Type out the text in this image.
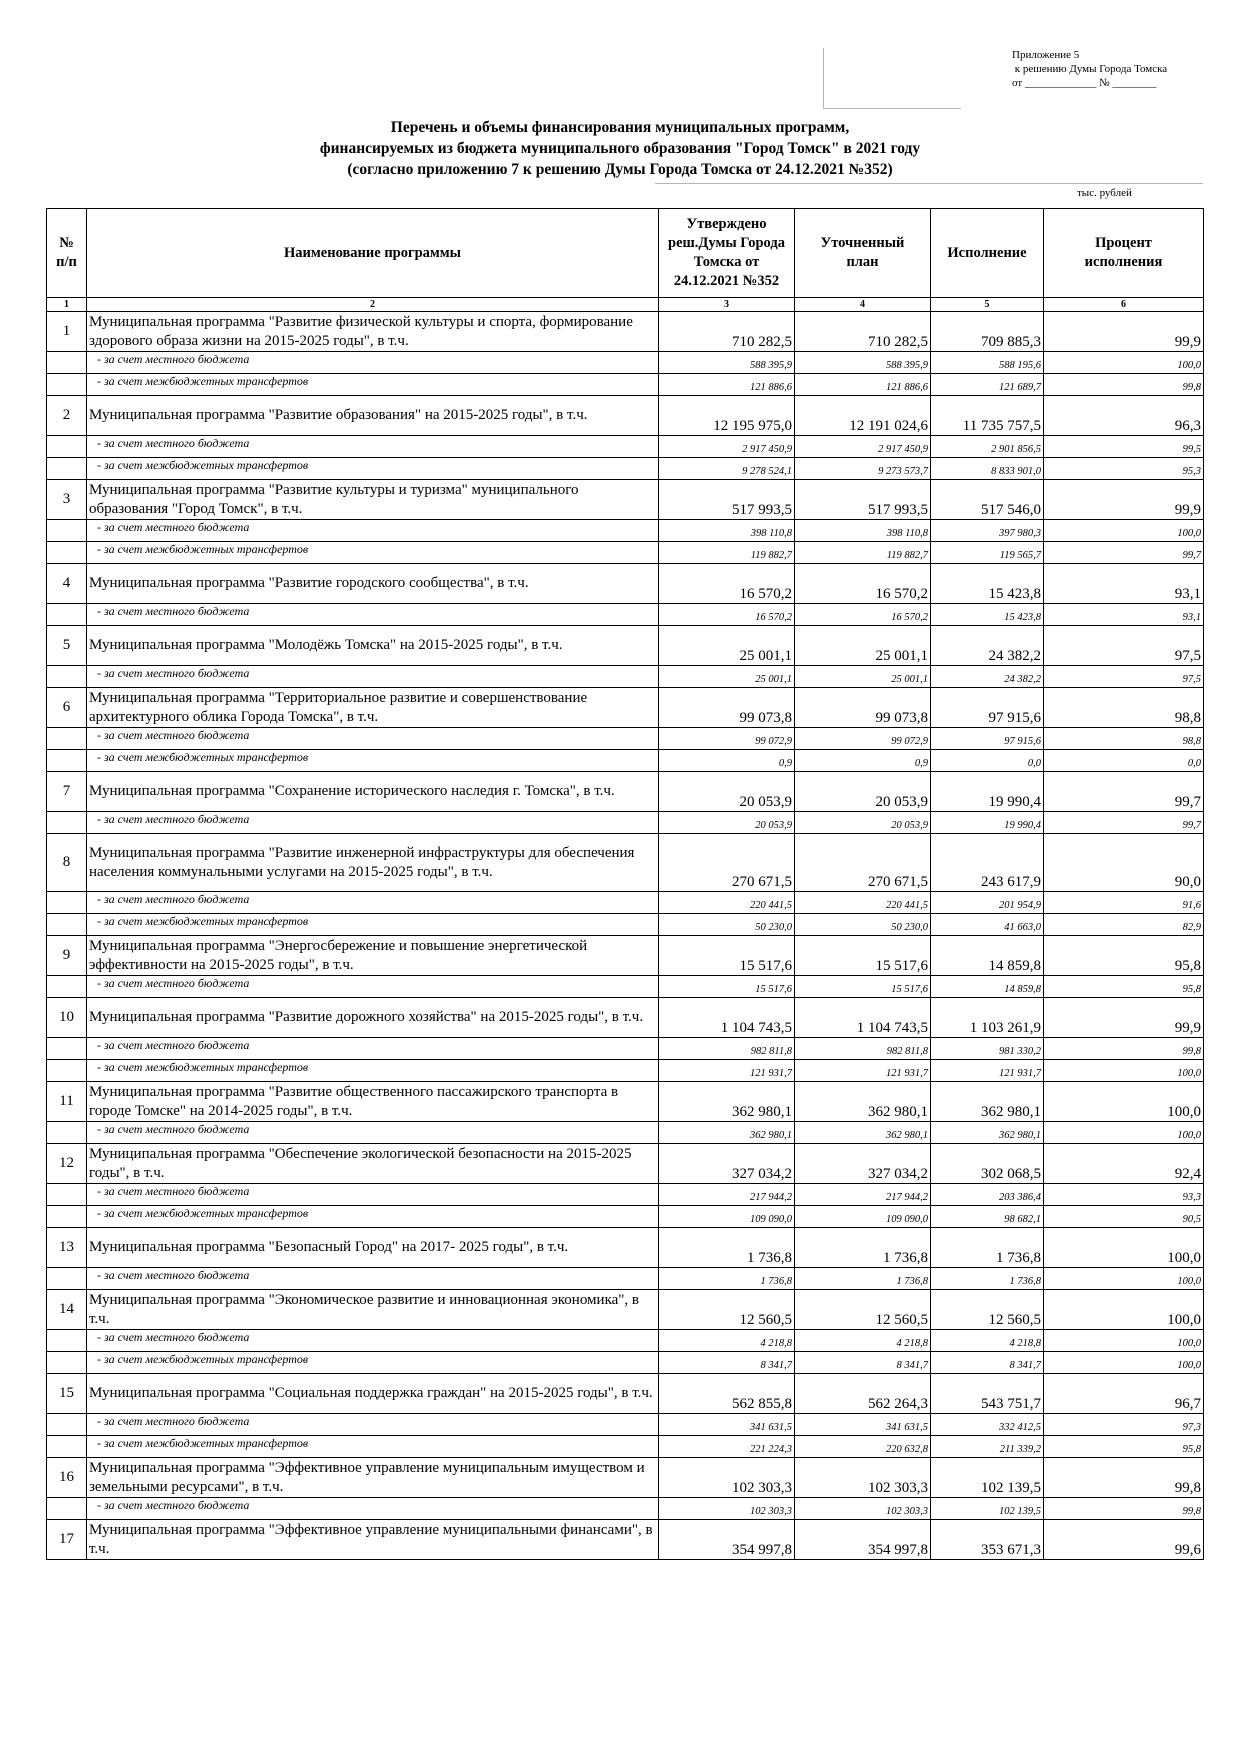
Приложение 5
к решению Думы Города Томска
от _____________ № ________
Перечень и объемы финансирования муниципальных программ,
финансируемых из бюджета муниципального образования "Город Томск" в 2021 году
(согласно приложению 7 к решению Думы Города Томска от 24.12.2021 №352)
тыс. рублей
№
п/п	Наименование программы	Утверждено
реш.Думы Города
Томска от
24.12.2021 №352	Уточненный
план	Исполнение	Процент
исполнения
1	2	3	4	5	6
1	Муниципальная программа "Развитие физической культуры и спорта, формирование здорового образа жизни на 2015-2025 годы", в т.ч.	710 282,5	710 282,5	709 885,3	99,9
	- за счет местного бюджета	588 395,9	588 395,9	588 195,6	100,0
	- за счет межбюджетных трансфертов	121 886,6	121 886,6	121 689,7	99,8
2	Муниципальная программа "Развитие образования" на 2015-2025 годы", в т.ч.	12 195 975,0	12 191 024,6	11 735 757,5	96,3
	- за счет местного бюджета	2 917 450,9	2 917 450,9	2 901 856,5	99,5
	- за счет межбюджетных трансфертов	9 278 524,1	9 273 573,7	8 833 901,0	95,3
3	Муниципальная программа "Развитие культуры и туризма" муниципального образования "Город Томск", в т.ч.	517 993,5	517 993,5	517 546,0	99,9
	- за счет местного бюджета	398 110,8	398 110,8	397 980,3	100,0
	- за счет межбюджетных трансфертов	119 882,7	119 882,7	119 565,7	99,7
4	Муниципальная программа "Развитие городского сообщества", в т.ч.	16 570,2	16 570,2	15 423,8	93,1
	- за счет местного бюджета	16 570,2	16 570,2	15 423,8	93,1
5	Муниципальная программа "Молодёжь Томска" на 2015-2025 годы", в т.ч.	25 001,1	25 001,1	24 382,2	97,5
	- за счет местного бюджета	25 001,1	25 001,1	24 382,2	97,5
6	Муниципальная программа "Территориальное развитие и совершенствование архитектурного облика Города Томска", в т.ч.	99 073,8	99 073,8	97 915,6	98,8
	- за счет местного бюджета	99 072,9	99 072,9	97 915,6	98,8
	- за счет межбюджетных трансфертов	0,9	0,9	0,0	0,0
7	Муниципальная программа "Сохранение исторического наследия г. Томска", в т.ч.	20 053,9	20 053,9	19 990,4	99,7
	- за счет местного бюджета	20 053,9	20 053,9	19 990,4	99,7
8	Муниципальная программа "Развитие инженерной инфраструктуры для обеспечения населения коммунальными услугами на 2015-2025 годы", в т.ч.	270 671,5	270 671,5	243 617,9	90,0
	- за счет местного бюджета	220 441,5	220 441,5	201 954,9	91,6
	- за счет межбюджетных трансфертов	50 230,0	50 230,0	41 663,0	82,9
9	Муниципальная программа "Энергосбережение и повышение энергетической эффективности на 2015-2025 годы", в т.ч.	15 517,6	15 517,6	14 859,8	95,8
	- за счет местного бюджета	15 517,6	15 517,6	14 859,8	95,8
10	Муниципальная программа "Развитие дорожного хозяйства" на 2015-2025 годы", в т.ч.	1 104 743,5	1 104 743,5	1 103 261,9	99,9
	- за счет местного бюджета	982 811,8	982 811,8	981 330,2	99,8
	- за счет межбюджетных трансфертов	121 931,7	121 931,7	121 931,7	100,0
11	Муниципальная программа "Развитие общественного пассажирского транспорта в городе Томске" на 2014-2025 годы", в т.ч.	362 980,1	362 980,1	362 980,1	100,0
	- за счет местного бюджета	362 980,1	362 980,1	362 980,1	100,0
12	Муниципальная программа "Обеспечение экологической безопасности на 2015-2025 годы", в т.ч.	327 034,2	327 034,2	302 068,5	92,4
	- за счет местного бюджета	217 944,2	217 944,2	203 386,4	93,3
	- за счет межбюджетных трансфертов	109 090,0	109 090,0	98 682,1	90,5
13	Муниципальная программа "Безопасный Город" на 2017- 2025 годы", в т.ч.	1 736,8	1 736,8	1 736,8	100,0
	- за счет местного бюджета	1 736,8	1 736,8	1 736,8	100,0
14	Муниципальная программа "Экономическое развитие и инновационная экономика", в т.ч.	12 560,5	12 560,5	12 560,5	100,0
	- за счет местного бюджета	4 218,8	4 218,8	4 218,8	100,0
	- за счет межбюджетных трансфертов	8 341,7	8 341,7	8 341,7	100,0
15	Муниципальная программа "Социальная поддержка граждан" на 2015-2025 годы", в т.ч.	562 855,8	562 264,3	543 751,7	96,7
	- за счет местного бюджета	341 631,5	341 631,5	332 412,5	97,3
	- за счет межбюджетных трансфертов	221 224,3	220 632,8	211 339,2	95,8
16	Муниципальная программа "Эффективное управление муниципальным имуществом и земельными ресурсами", в т.ч.	102 303,3	102 303,3	102 139,5	99,8
	- за счет местного бюджета	102 303,3	102 303,3	102 139,5	99,8
17	Муниципальная программа "Эффективное управление муниципальными финансами", в т.ч.	354 997,8	354 997,8	353 671,3	99,6
